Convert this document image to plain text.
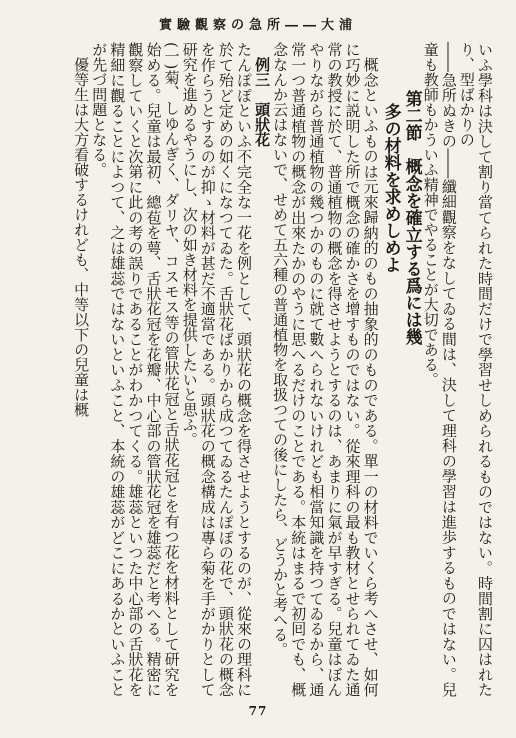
實驗觀察の急所――大浦

いふ學科は決して割り當てられた時間だけで學習せしめられるものではない。時間割に囚はれたり、型ばかりの

――急所ぬきの――纖細觀察をなしてゐる間は、決して理科の學習は進歩するものではない。兒童も教師もかういふ精神でやることが大切である。

第二節　概念を確立する爲には幾

多の材料を求めしめよ

概念といふものは元來歸納的のもの抽象的のものである。單一の材料でいくら考へさせ、如何に巧妙に説明した所で概念の確かさを增すものではない。從來理科の最も教材とせられてゐた通常の教授に於て、普通植物の概念を得させようとするのは、あまりに氣が早すぎる。兒童はぼんやりながら普通植物の幾つかのものに就て數へられないけれども相當知識を持つてゐるから、通常一つ普通植物の概念が出來たかのやうに思へるだけのことである。本統はまるで初囘でも、概念なんか云はないで、せめて五六種の普通植物を取扱つての後にしたら、どうかと考へる。

例三　頭狀花

たんぽぽといふ不完全な一花を例として、頭狀花の概念を得させようとするのが、從來の理科に於て殆ど定めの如くになつてゐた。舌狀花ばかりから成つてゐるたんぽぽの花で、頭狀花の概念を作らうとするのが抑ゝ材料が甚だ不適當である。頭狀花の概念構成は專ら菊を手がかりとして研究を進めるやうにし、次の如き材料を提供したいと思ふ。

(一)菊、しゆんぎく、ダリヤ、コスモス等の管狀花冠と舌狀花冠とを有つ花を材料として研究を始める。兒童は最初、總苞を萼、舌狀花冠を花瓣、中心部の管狀花冠を雄蕊だと考へる。精密に觀察していくと次第に此の考の誤りであることがわかつてくる。雄蕊といつた中心部の舌狀花を精細に觀ることによつて、之は雄蕊ではないといふこと、本統の雄蕊がどこにあるかといふことが先づ問題となる。

優等生は大方看破するけれども、中等以下の兒童は概

77
